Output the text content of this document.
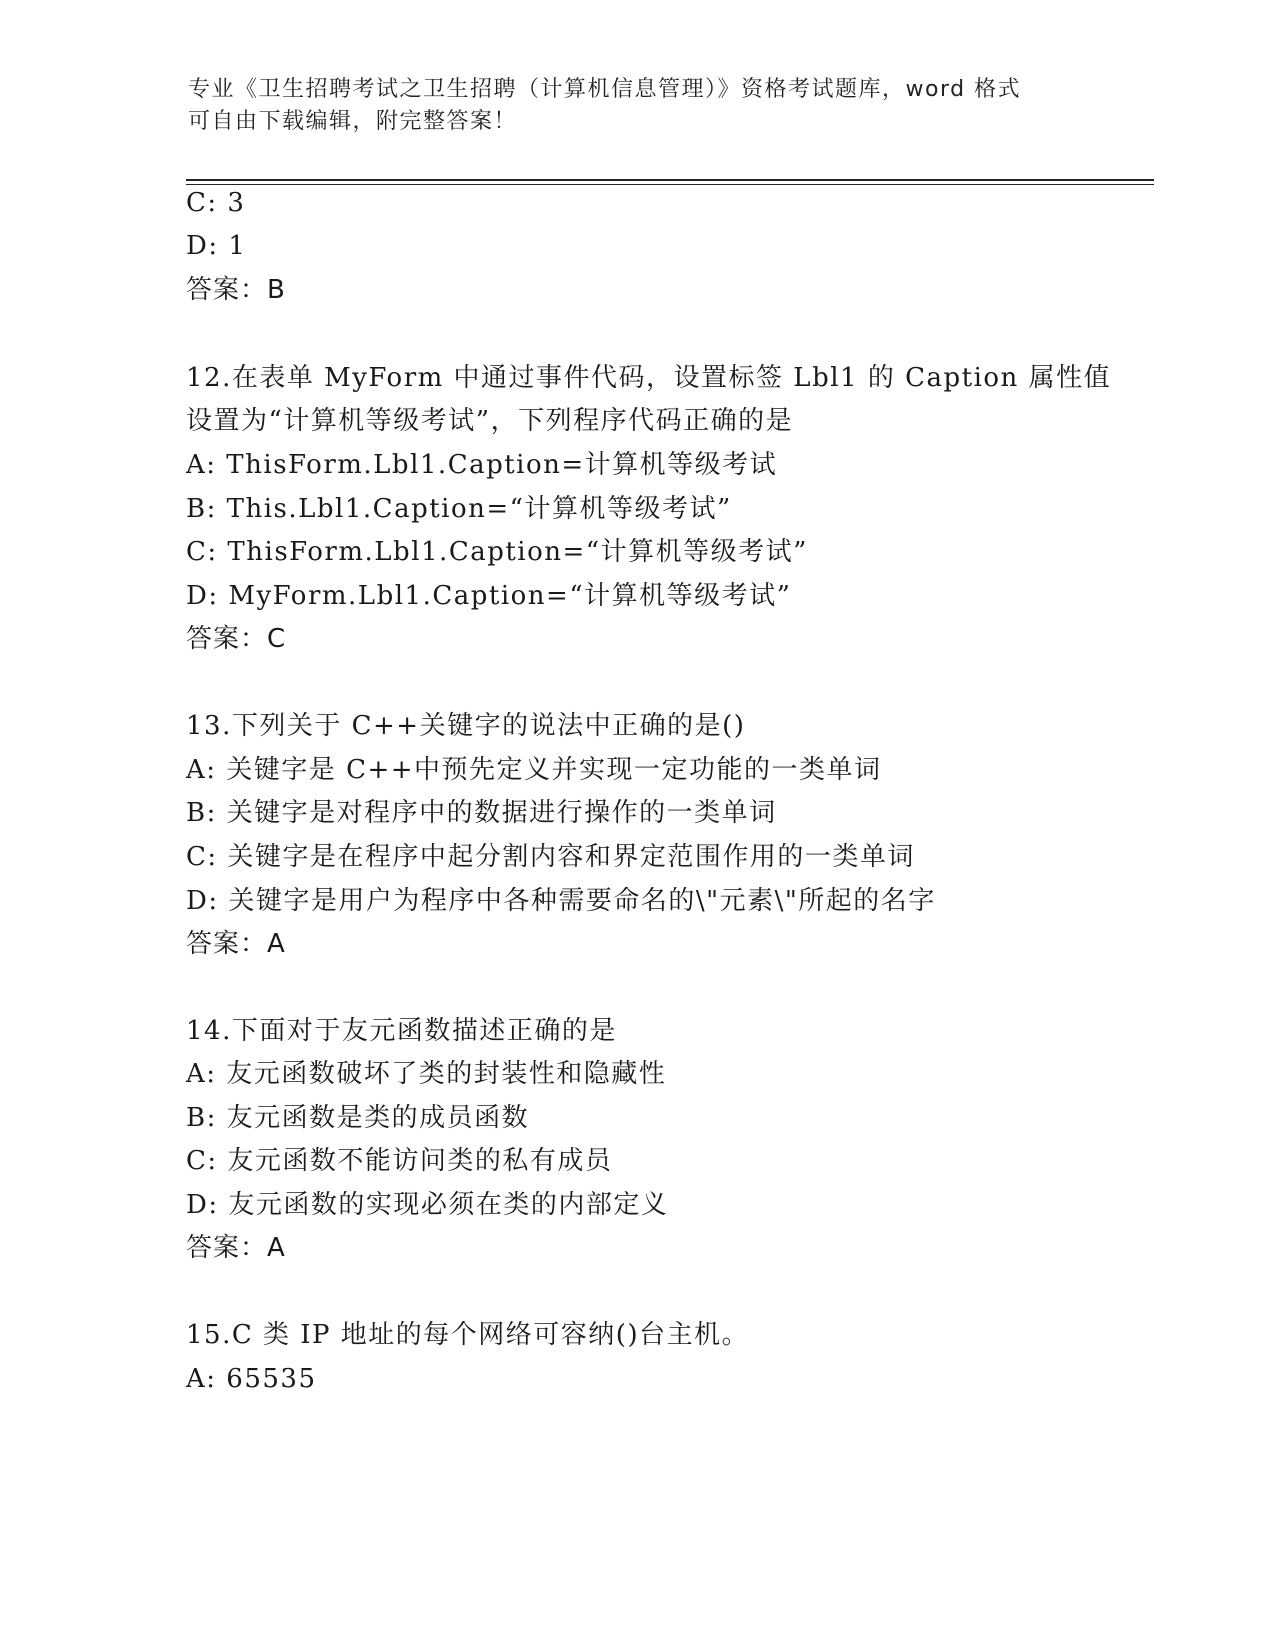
专业《卫生招聘考试之卫生招聘（计算机信息管理）》资格考试题库，word 格式
可自由下载编辑，附完整答案！
C: 3
D: 1
答案：B
12.在表单 MyForm 中通过事件代码，设置标签 Lbl1 的 Caption 属性值
设置为“计算机等级考试”，下列程序代码正确的是
A: ThisForm.Lbl1.Caption=计算机等级考试
B: This.Lbl1.Caption=“计算机等级考试”
C: ThisForm.Lbl1.Caption=“计算机等级考试”
D: MyForm.Lbl1.Caption=“计算机等级考试”
答案：C
13.下列关于 C++关键字的说法中正确的是()
A: 关键字是 C++中预先定义并实现一定功能的一类单词
B: 关键字是对程序中的数据进行操作的一类单词
C: 关键字是在程序中起分割内容和界定范围作用的一类单词
D: 关键字是用户为程序中各种需要命名的\"元素\"所起的名字
答案：A
14.下面对于友元函数描述正确的是
A: 友元函数破坏了类的封装性和隐藏性
B: 友元函数是类的成员函数
C: 友元函数不能访问类的私有成员
D: 友元函数的实现必须在类的内部定义
答案：A
15.C 类 IP 地址的每个网络可容纳()台主机。
A: 65535
